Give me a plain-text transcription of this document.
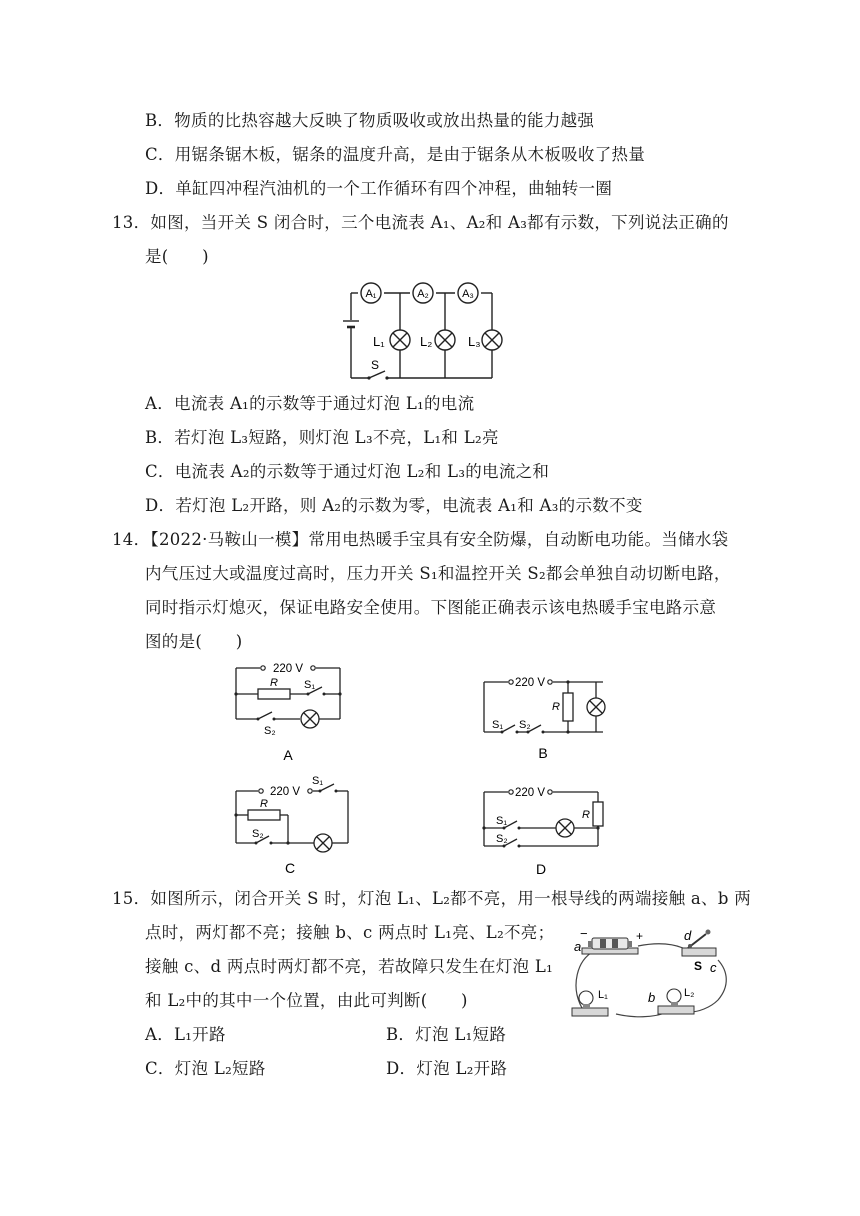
B．物质的比热容越大反映了物质吸收或放出热量的能力越强
C．用锯条锯木板，锯条的温度升高，是由于锯条从木板吸收了热量
D．单缸四冲程汽油机的一个工作循环有四个冲程，曲轴转一圈
13．如图，当开关 S 闭合时，三个电流表 A₁、A₂和 A₃都有示数，下列说法正确的
是(　　)
A₁	A₂	A₃
L₁	L₂	L₃
S
A．电流表 A₁的示数等于通过灯泡 L₁的电流
B．若灯泡 L₃短路，则灯泡 L₃不亮，L₁和 L₂亮
C．电流表 A₂的示数等于通过灯泡 L₂和 L₃的电流之和
D．若灯泡 L₂开路，则 A₂的示数为零，电流表 A₁和 A₃的示数不变
14．【2022·马鞍山一模】常用电热暖手宝具有安全防爆，自动断电功能。当储水袋
内气压过大或温度过高时，压力开关 S₁和温控开关 S₂都会单独自动切断电路，
同时指示灯熄灭，保证电路安全使用。下图能正确表示该电热暖手宝电路示意
图的是(　　)
220 V
R S₁
S₂
A
220 V
R
S₁ S₂
B
220 V
S₁
R
S₂
C
220 V
R
S₁
S₂
D
15．如图所示，闭合开关 S 时，灯泡 L₁、L₂都不亮，用一根导线的两端接触 a、b 两
点时，两灯都不亮；接触 b、c 两点时 L₁亮、L₂不亮；
接触 c、d 两点时两灯都不亮，若故障只发生在灯泡 L₁
和 L₂中的其中一个位置，由此可判断(　　)
a
−	+	d
S c
L₁	b	L₂
A．L₁开路	B．灯泡 L₁短路
C．灯泡 L₂短路	D．灯泡 L₂开路
